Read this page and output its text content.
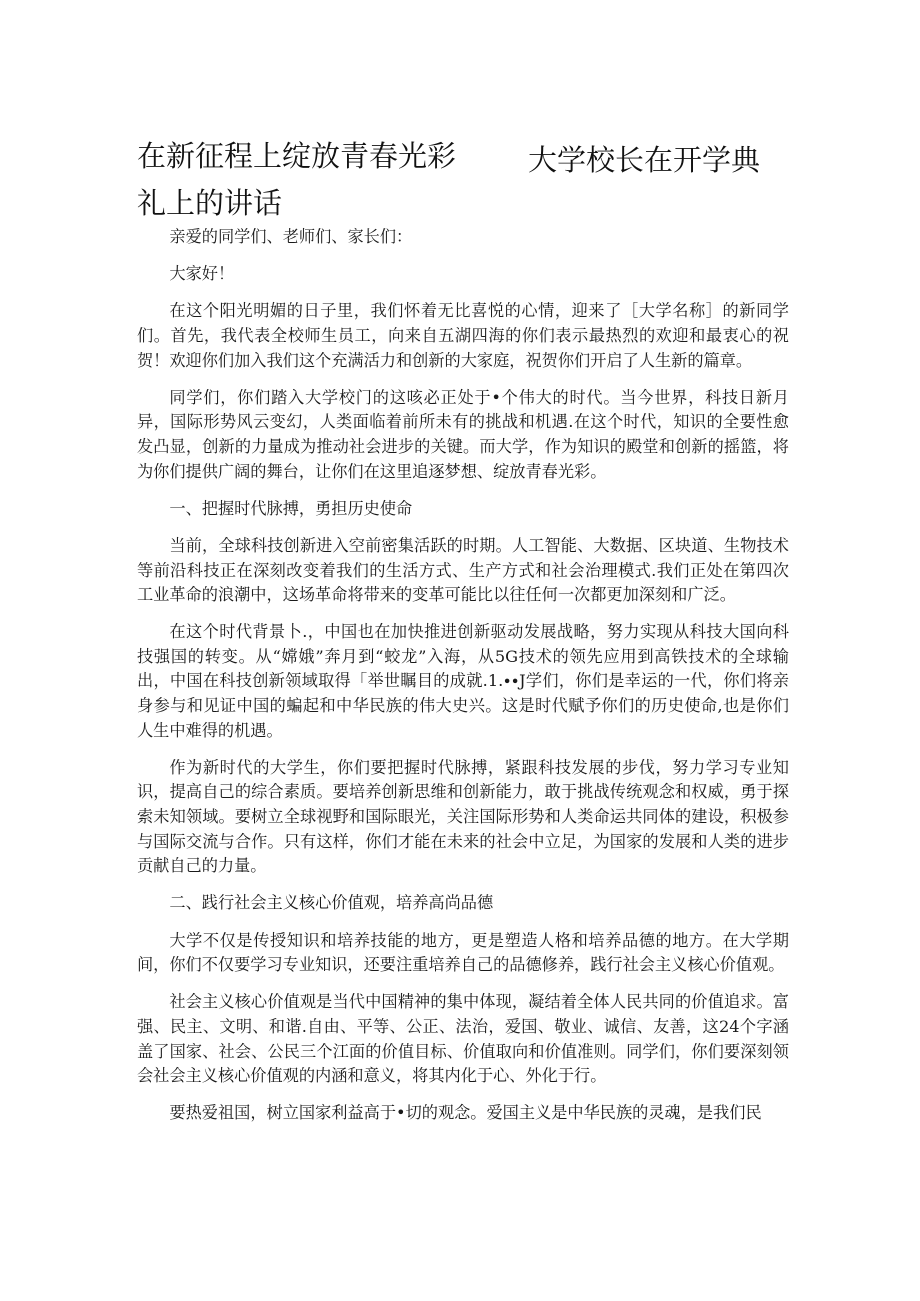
在新征程上绽放青春光彩 大学校长在开学典
礼上的讲话

亲爱的同学们、老师们、家长们：

大家好！

在这个阳光明媚的日子里，我们怀着无比喜悦的心情，迎来了［大学名称］的新同学们。首先，我代表全校师生员工，向来自五湖四海的你们表示最热烈的欢迎和最衷心的祝贺！欢迎你们加入我们这个充满活力和创新的大家庭，祝贺你们开启了人生新的篇章。

同学们，你们踏入大学校门的这咳必正处于•个伟大的时代。当今世界，科技日新月异，国际形势风云变幻，人类面临着前所未有的挑战和机遇.在这个时代，知识的全要性愈发凸显，创新的力量成为推动社会进步的关键。而大学，作为知识的殿堂和创新的摇篮，将为你们提供广阔的舞台，让你们在这里追逐梦想、绽放青春光彩。

一、把握时代脉搏，勇担历史使命

当前，全球科技创新进入空前密集活跃的时期。人工智能、大数据、区块道、生物技术等前沿科技正在深刻改变着我们的生活方式、生产方式和社会治理模式.我们正处在第四次工业革命的浪潮中，这场革命将带来的变革可能比以往任何一次都更加深刻和广泛。

在这个时代背景卜.，中国也在加快推进创新驱动发展战略，努力实现从科技大国向科技强国的转变。从“嫦娥”奔月到“蛟龙”入海，从5G技术的领先应用到高铁技术的全球输出，中国在科技创新领域取得「举世瞩目的成就.1.∙∙J学们，你们是幸运的一代，你们将亲身参与和见证中国的蝙起和中华民族的伟大史兴。这是时代赋予你们的历史使命,也是你们人生中难得的机遇。

作为新时代的大学生，你们要把握时代脉搏，紧跟科技发展的步伐，努力学习专业知识，提高自己的综合素质。要培养创新思维和创新能力，敢于挑战传统观念和权威，勇于探索未知领域。要树立全球视野和国际眼光，关注国际形势和人类命运共同体的建设，积极参与国际交流与合作。只有这样，你们才能在未来的社会中立足，为国家的发展和人类的进步贡献自己的力量。

二、践行社会主义核心价值观，培养高尚品德

大学不仅是传授知识和培养技能的地方，更是塑造人格和培养品德的地方。在大学期间，你们不仅要学习专业知识，还要注重培养自己的品德修养，践行社会主义核心价值观。

社会主义核心价值观是当代中国精神的集中体现，凝结着全体人民共同的价值追求。富强、民主、文明、和谐.自由、平等、公正、法治，爱国、敬业、诚信、友善，这24个字涵盖了国家、社会、公民三个江面的价值目标、价值取向和价值准则。同学们，你们要深刻领会社会主义核心价值观的内涵和意义，将其内化于心、外化于行。

要热爱祖国，树立国家利益高于•切的观念。爱国主义是中华民族的灵魂，是我们民
